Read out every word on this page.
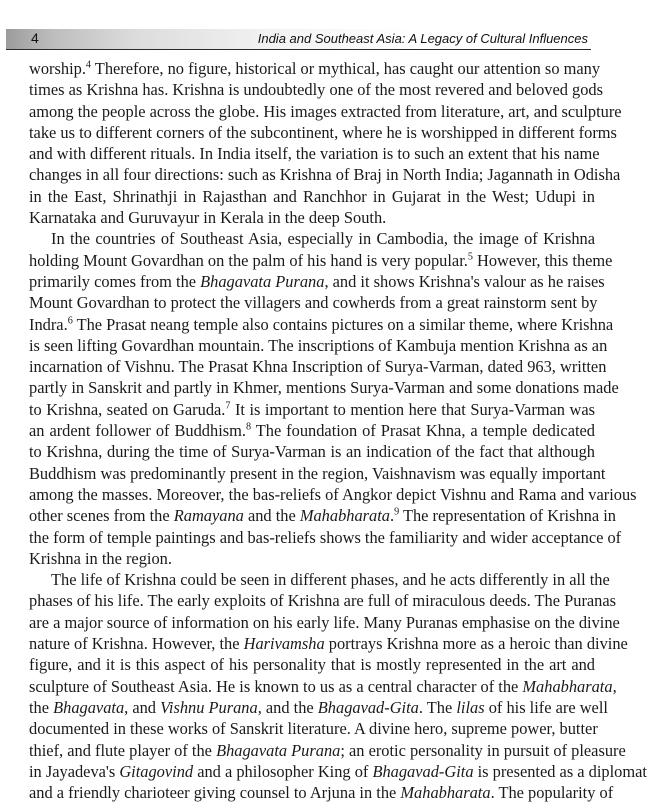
4	India and Southeast Asia: A Legacy of Cultural Influences

worship.$^4$ Therefore, no figure, historical or mythical, has caught our attention so many
times as Krishna has. Krishna is undoubtedly one of the most revered and beloved gods
among the people across the globe. His images extracted from literature, art, and sculpture
take us to different corners of the subcontinent, where he is worshipped in different forms
and with different rituals. In India itself, the variation is to such an extent that his name
changes in all four directions: such as Krishna of Braj in North India; Jagannath in Odisha
in the East, Shrinathji in Rajasthan and Ranchhor in Gujarat in the West; Udupi in
Karnataka and Guruvayur in Kerala in the deep South.

In the countries of Southeast Asia, especially in Cambodia, the image of Krishna
holding Mount Govardhan on the palm of his hand is very popular.$^5$ However, this theme
primarily comes from the Bhagavata Purana, and it shows Krishna's valour as he raises
Mount Govardhan to protect the villagers and cowherds from a great rainstorm sent by
Indra.$^6$ The Prasat neang temple also contains pictures on a similar theme, where Krishna
is seen lifting Govardhan mountain. The inscriptions of Kambuja mention Krishna as an
incarnation of Vishnu. The Prasat Khna Inscription of Surya-Varman, dated 963, written
partly in Sanskrit and partly in Khmer, mentions Surya-Varman and some donations made
to Krishna, seated on Garuda.$^7$ It is important to mention here that Surya-Varman was
an ardent follower of Buddhism.$^8$ The foundation of Prasat Khna, a temple dedicated
to Krishna, during the time of Surya-Varman is an indication of the fact that although
Buddhism was predominantly present in the region, Vaishnavism was equally important
among the masses. Moreover, the bas-reliefs of Angkor depict Vishnu and Rama and various
other scenes from the Ramayana and the Mahabharata.$^9$ The representation of Krishna in
the form of temple paintings and bas-reliefs shows the familiarity and wider acceptance of
Krishna in the region.

The life of Krishna could be seen in different phases, and he acts differently in all the
phases of his life. The early exploits of Krishna are full of miraculous deeds. The Puranas
are a major source of information on his early life. Many Puranas emphasise on the divine
nature of Krishna. However, the Harivamsha portrays Krishna more as a heroic than divine
figure, and it is this aspect of his personality that is mostly represented in the art and
sculpture of Southeast Asia. He is known to us as a central character of the Mahabharata,
the Bhagavata, and Vishnu Purana, and the Bhagavad-Gita. The lilas of his life are well
documented in these works of Sanskrit literature. A divine hero, supreme power, butter
thief, and flute player of the Bhagavata Purana; an erotic personality in pursuit of pleasure
in Jayadeva's Gitagovind and a philosopher King of Bhagavad-Gita is presented as a diplomat
and a friendly charioteer giving counsel to Arjuna in the Mahabharata. The popularity of
